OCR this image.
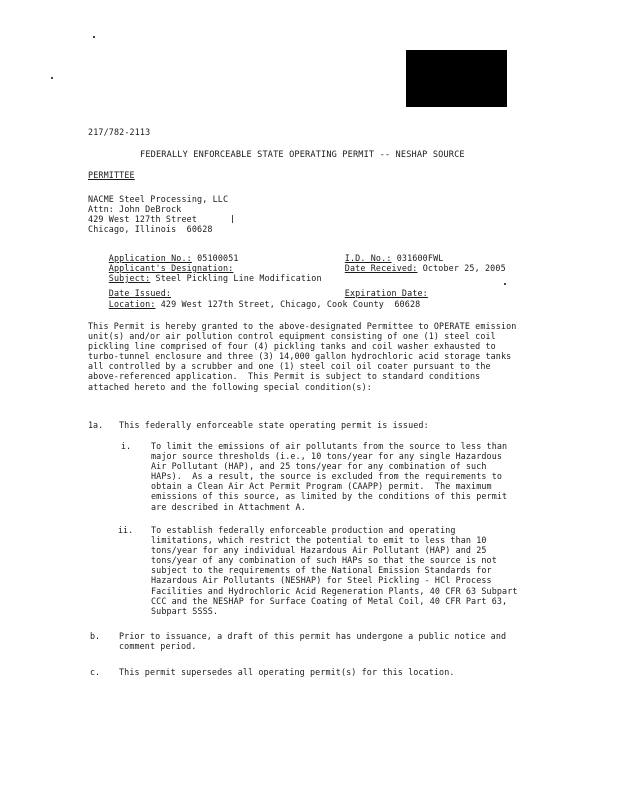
217/782-2113
FEDERALLY ENFORCEABLE STATE OPERATING PERMIT -- NESHAP SOURCE
PERMITTEE
NACME Steel Processing, LLC
Attn: John DeBrock
429 West 127th Street
Chicago, Illinois  60628

Application No.: 05100051
	I.D. No.: 031600FWL

Applicant's Designation:
	Date Received: October 25, 2005

Subject: Steel Pickling Line Modification

Date Issued:
	Expiration Date:

Location: 429 West 127th Street, Chicago, Cook County  60628

This Permit is hereby granted to the above-designated Permittee to OPERATE emission unit(s) and/or air pollution control equipment consisting of one (1) steel coil pickling line comprised of four (4) pickling tanks and coil washer exhausted to turbo-tunnel enclosure and three (3) 14,000 gallon hydrochloric acid storage tanks all controlled by a scrubber and one (1) steel coil oil coater pursuant to the above-referenced application.  This Permit is subject to standard conditions attached hereto and the following special condition(s):
1a. This federally enforceable state operating permit is issued:
i. To limit the emissions of air pollutants from the source to less than major source thresholds (i.e., 10 tons/year for any single Hazardous Air Pollutant (HAP), and 25 tons/year for any combination of such HAPs).  As a result, the source is excluded from the requirements to obtain a Clean Air Act Permit Program (CAAPP) permit.  The maximum emissions of this source, as limited by the conditions of this permit are described in Attachment A.
ii. To establish federally enforceable production and operating limitations, which restrict the potential to emit to less than 10 tons/year for any individual Hazardous Air Pollutant (HAP) and 25 tons/year of any combination of such HAPs so that the source is not subject to the requirements of the National Emission Standards for Hazardous Air Pollutants (NESHAP) for Steel Pickling - HCl Process Facilities and Hydrochloric Acid Regeneration Plants, 40 CFR 63 Subpart CCC and the NESHAP for Surface Coating of Metal Coil, 40 CFR Part 63, Subpart SSSS.
b. Prior to issuance, a draft of this permit has undergone a public notice and comment period.
c. This permit supersedes all operating permit(s) for this location.
